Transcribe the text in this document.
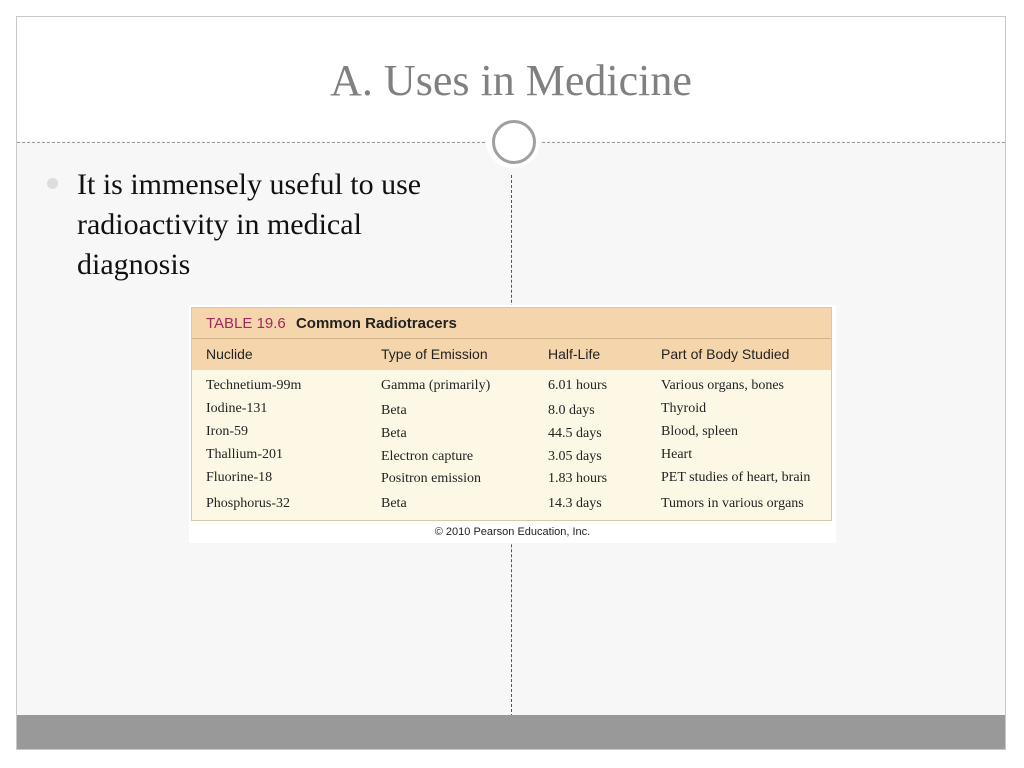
A. Uses in Medicine
It is immensely useful to use radioactivity in medical diagnosis
TABLE 19.6 Common Radiotracers
Nuclide	Type of Emission	Half-Life	Part of Body Studied
Technetium-99m	Gamma (primarily)	6.01 hours	Various organs, bones
Iodine-131	Beta	8.0 days	Thyroid
Iron-59	Beta	44.5 days	Blood, spleen
Thallium-201	Electron capture	3.05 days	Heart
Fluorine-18	Positron emission	1.83 hours	PET studies of heart, brain
Phosphorus-32	Beta	14.3 days	Tumors in various organs
© 2010 Pearson Education, Inc.
